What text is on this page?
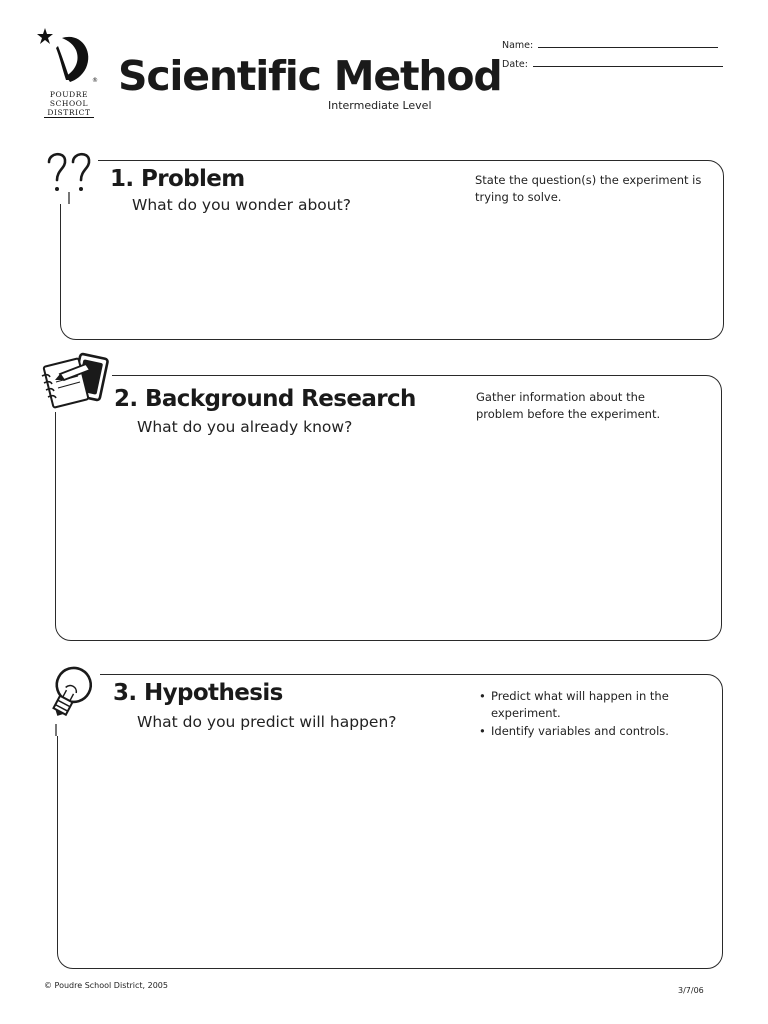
®
POUDRE
SCHOOL
DISTRICT
Scientific Method
Intermediate Level
Name:
Date:
1. Problem
What do you wonder about?
State the question(s) the experiment is trying to solve.
2. Background Research
What do you already know?
Gather information about the problem before the experiment.
3. Hypothesis
What do you predict will happen?
• Predict what will happen in the experiment.
• Identify variables and controls.
© Poudre School District, 2005
3/7/06
